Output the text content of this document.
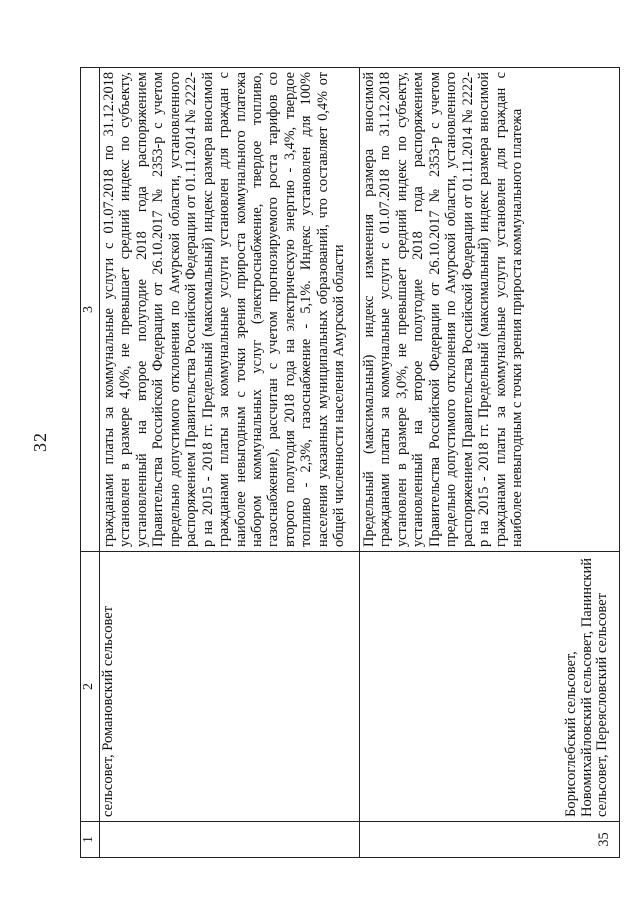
32
1	2	3
	сельсовет, Романовский сельсовет	гражданами платы за коммунальные услуги с 01.07.2018 по 31.12.2018 установлен в размере 4,0%, не превышает средний индекс по субъекту, установленный на второе полугодие 2018 года распоряжением Правительства Российской Федерации от 26.10.2017 № 2353-р с учетом предельно допустимого отклонения по Амурской области, установленного распоряжением Правительства Российской Федерации от 01.11.2014 № 2222-р на 2015 - 2018 гг. Предельный (максимальный) индекс размера вносимой гражданами платы за коммунальные услуги установлен для граждан с наиболее невыгодным с точки зрения прироста коммунального платежа набором коммунальных услуг (электроснабжение, твердое топливо, газоснабжение), рассчитан с учетом прогнозируемого роста тарифов со второго полугодия 2018 года на электрическую энергию - 3,4%, твердое топливо - 2,3%, газоснабжение - 5,1%. Индекс установлен для 100% населения указанных муниципальных образований, что составляет 0,4% от общей численности населения Амурской области
35	Борисоглебский сельсовет, Новомихайловский сельсовет, Панинский сельсовет, Переясловский сельсовет	Предельный (максимальный) индекс изменения размера вносимой гражданами платы за коммунальные услуги с 01.07.2018 по 31.12.2018 установлен в размере 3,0%, не превышает средний индекс по субъекту, установленный на второе полугодие 2018 года распоряжением Правительства Российской Федерации от 26.10.2017 № 2353-р с учетом предельно допустимого отклонения по Амурской области, установленного распоряжением Правительства Российской Федерации от 01.11.2014 № 2222-р на 2015 - 2018 гг. Предельный (максимальный) индекс размера вносимой гражданами платы за коммунальные услуги установлен для граждан с наиболее невыгодным с точки зрения прироста коммунального платежа
